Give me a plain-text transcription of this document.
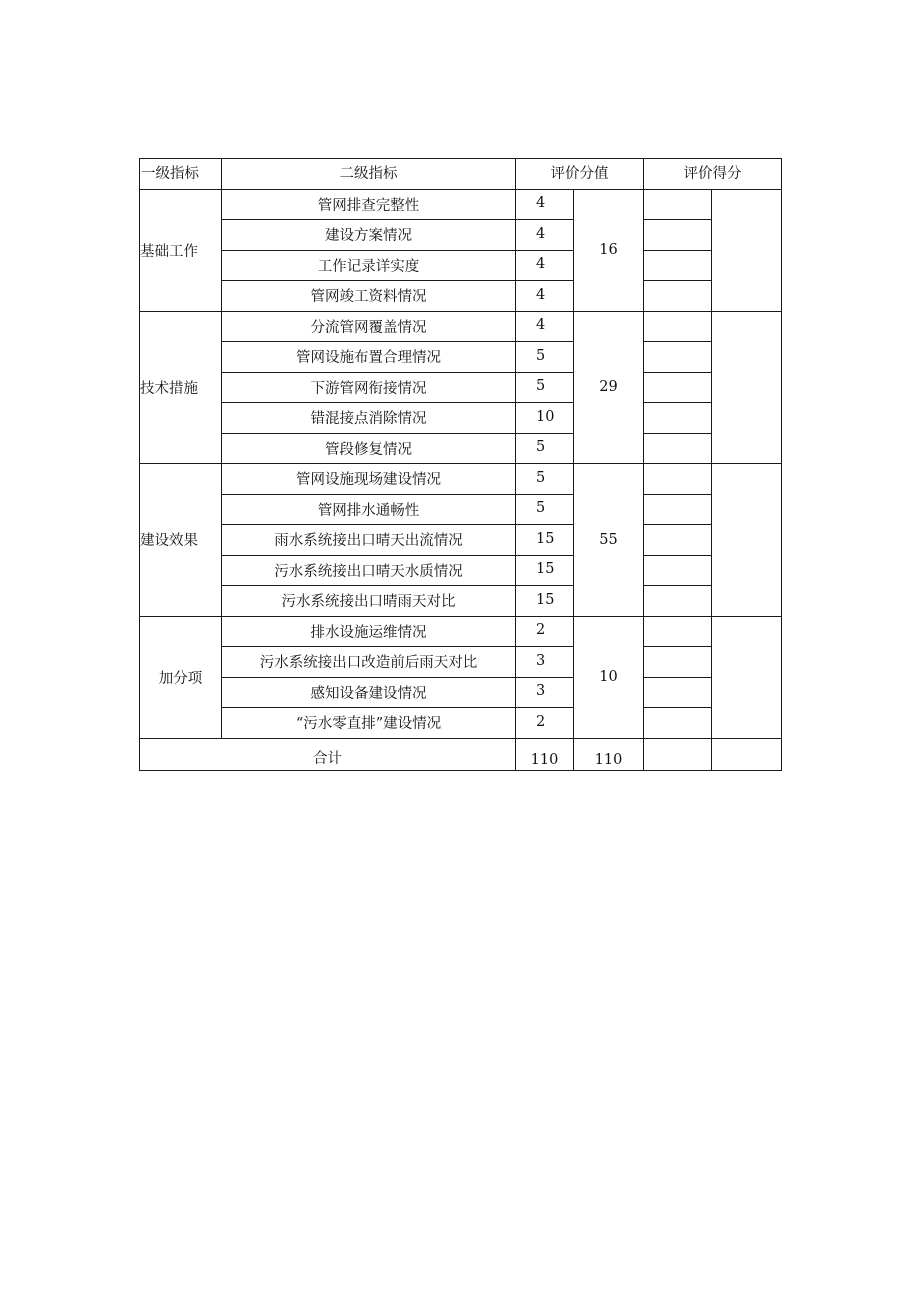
一级指标	二级指标	评价分值		评价得分	
基础工作	管网排查完整性	4	16		
	建设方案情况	4			
	工作记录详实度	4			
	管网竣工资料情况	4			
技术措施	分流管网覆盖情况	4	29		
	管网设施布置合理情况	5			
	下游管网衔接情况	5			
	错混接点消除情况	10			
	管段修复情况	5			
建设效果	管网设施现场建设情况	5	55		
	管网排水通畅性	5			
	雨水系统接出口晴天出流情况	15			
	污水系统接出口晴天水质情况	15			
	污水系统接出口晴雨天对比	15			
加分项	排水设施运维情况	2	10		
	污水系统接出口改造前后雨天对比	3			
	感知设备建设情况	3			
	“污水零直排”建设情况	2			
合计		110	110		
